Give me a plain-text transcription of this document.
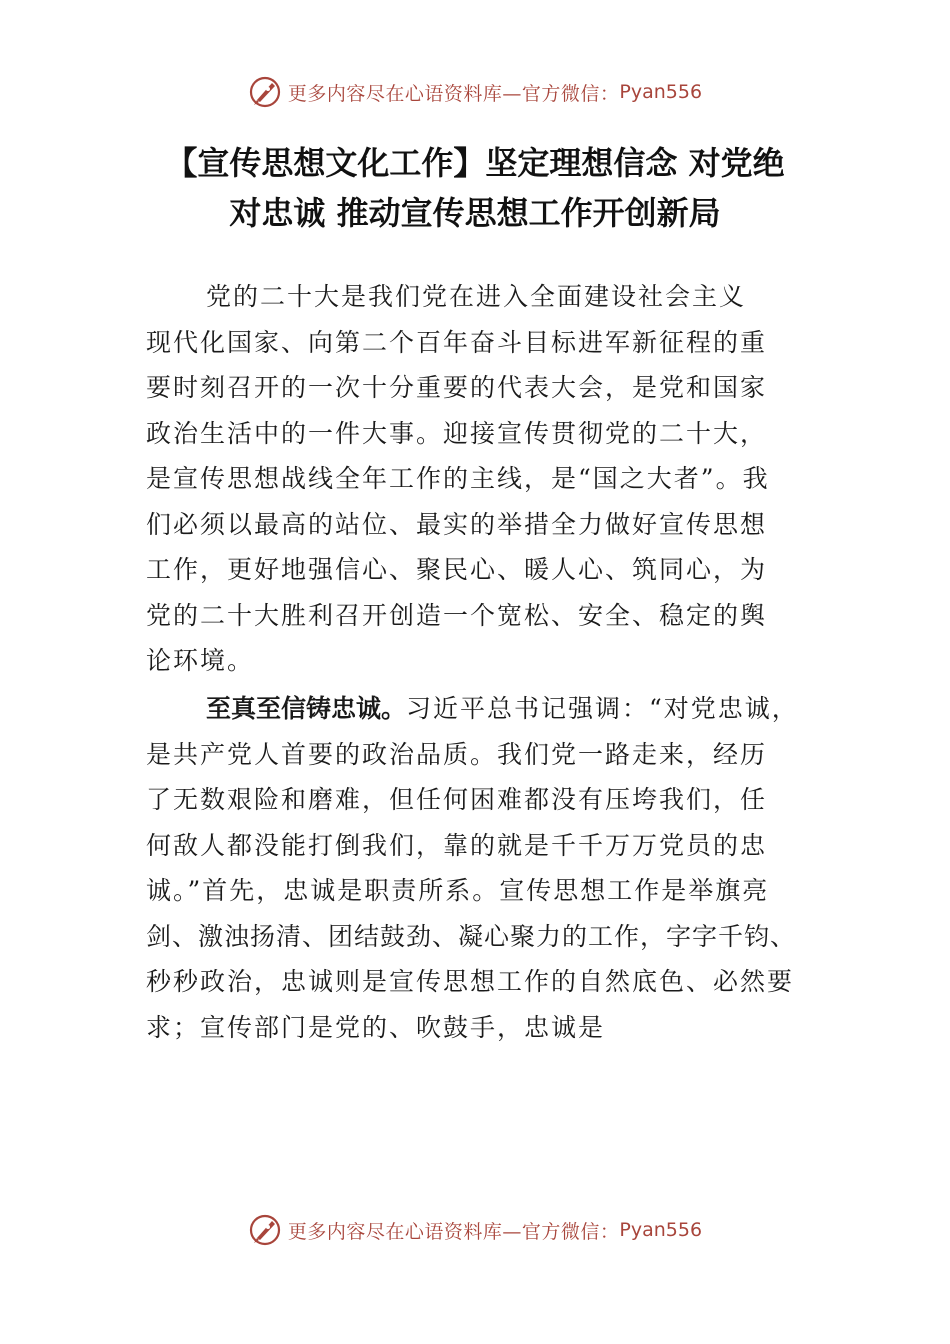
更多内容尽在心语资料库—官方微信： Pyan556
【宣传思想文化工作】坚定理想信念 对党绝
对忠诚 推动宣传思想工作开创新局
党的二十大是我们党在进入全面建设社会主义
现代化国家、向第二个百年奋斗目标进军新征程的重
要时刻召开的一次十分重要的代表大会，是党和国家
政治生活中的一件大事。迎接宣传贯彻党的二十大，
是宣传思想战线全年工作的主线，是“国之大者”。我
们必须以最高的站位、最实的举措全力做好宣传思想
工作，更好地强信心、聚民心、暖人心、筑同心，为
党的二十大胜利召开创造一个宽松、安全、稳定的舆
论环境。
至真至信铸忠诚。习近平总书记强调：“对党忠诚，
是共产党人首要的政治品质。我们党一路走来，经历
了无数艰险和磨难，但任何困难都没有压垮我们，任
何敌人都没能打倒我们，靠的就是千千万万党员的忠
诚。”首先，忠诚是职责所系。宣传思想工作是举旗亮
剑、激浊扬清、团结鼓劲、凝心聚力的工作，字字千钧、
秒秒政治，忠诚则是宣传思想工作的自然底色、必然要
求；宣传部门是党的、吹鼓手，忠诚是
更多内容尽在心语资料库—官方微信： Pyan556
